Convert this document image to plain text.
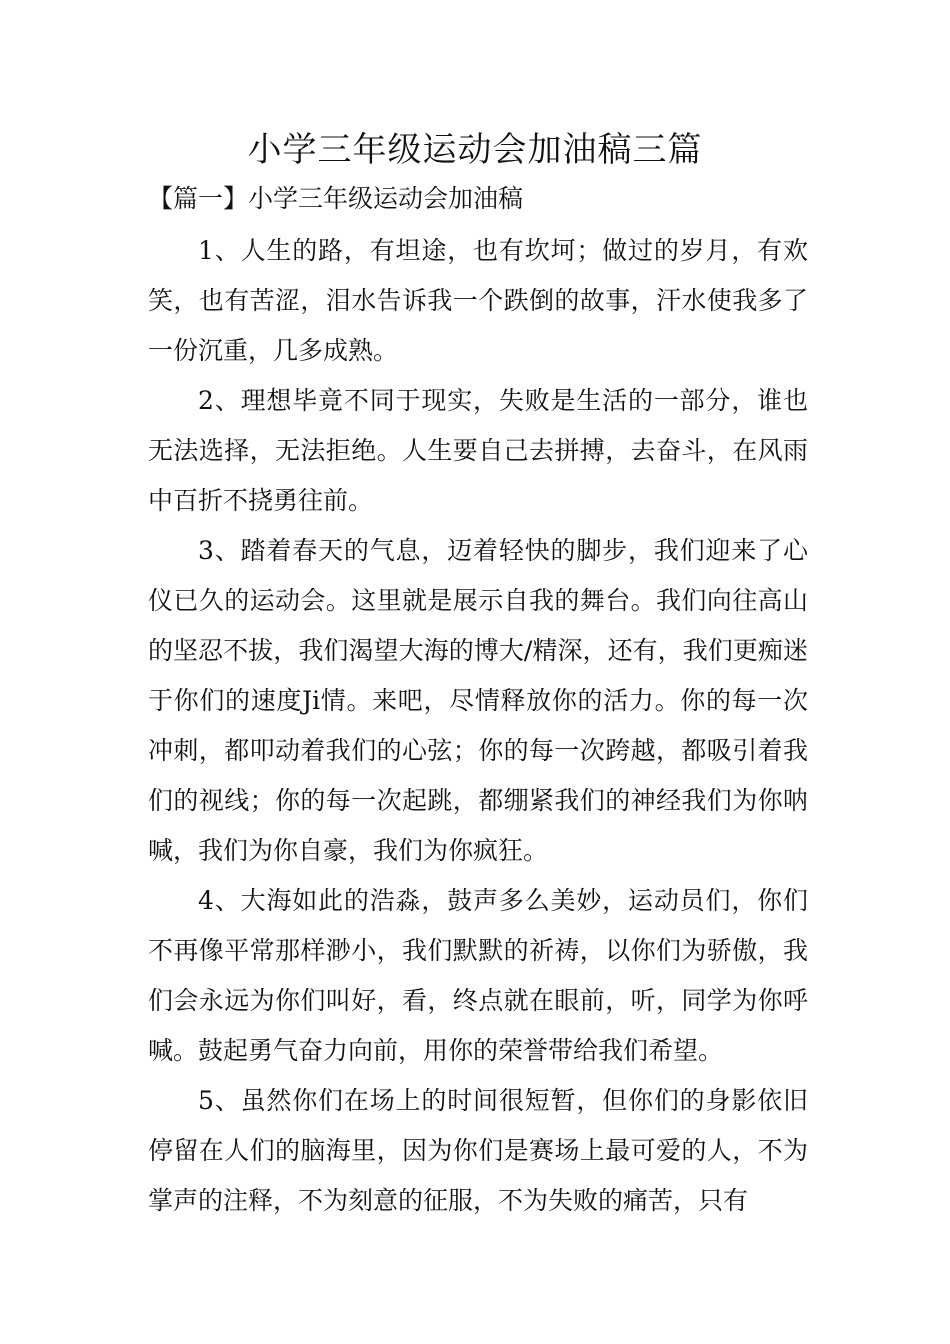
小学三年级运动会加油稿三篇
【篇一】小学三年级运动会加油稿

1、人生的路，有坦途，也有坎坷；做过的岁月，有欢笑，也有苦涩，泪水告诉我一个跌倒的故事，汗水使我多了一份沉重，几多成熟。

2、理想毕竟不同于现实，失败是生活的一部分，谁也无法选择，无法拒绝。人生要自己去拼搏，去奋斗，在风雨中百折不挠勇往前。

3、踏着春天的气息，迈着轻快的脚步，我们迎来了心仪已久的运动会。这里就是展示自我的舞台。我们向往高山的坚忍不拔，我们渴望大海的博大/精深，还有，我们更痴迷于你们的速度Ji情。来吧，尽情释放你的活力。你的每一次冲刺，都叩动着我们的心弦；你的每一次跨越，都吸引着我们的视线；你的每一次起跳，都绷紧我们的神经我们为你呐喊，我们为你自豪，我们为你疯狂。

4、大海如此的浩淼，鼓声多么美妙，运动员们，你们不再像平常那样渺小，我们默默的祈祷，以你们为骄傲，我们会永远为你们叫好，看，终点就在眼前，听，同学为你呼喊。鼓起勇气奋力向前，用你的荣誉带给我们希望。

5、虽然你们在场上的时间很短暂，但你们的身影依旧停留在人们的脑海里，因为你们是赛场上最可爱的人，不为掌声的注释，不为刻意的征服，不为失败的痛苦，只有
